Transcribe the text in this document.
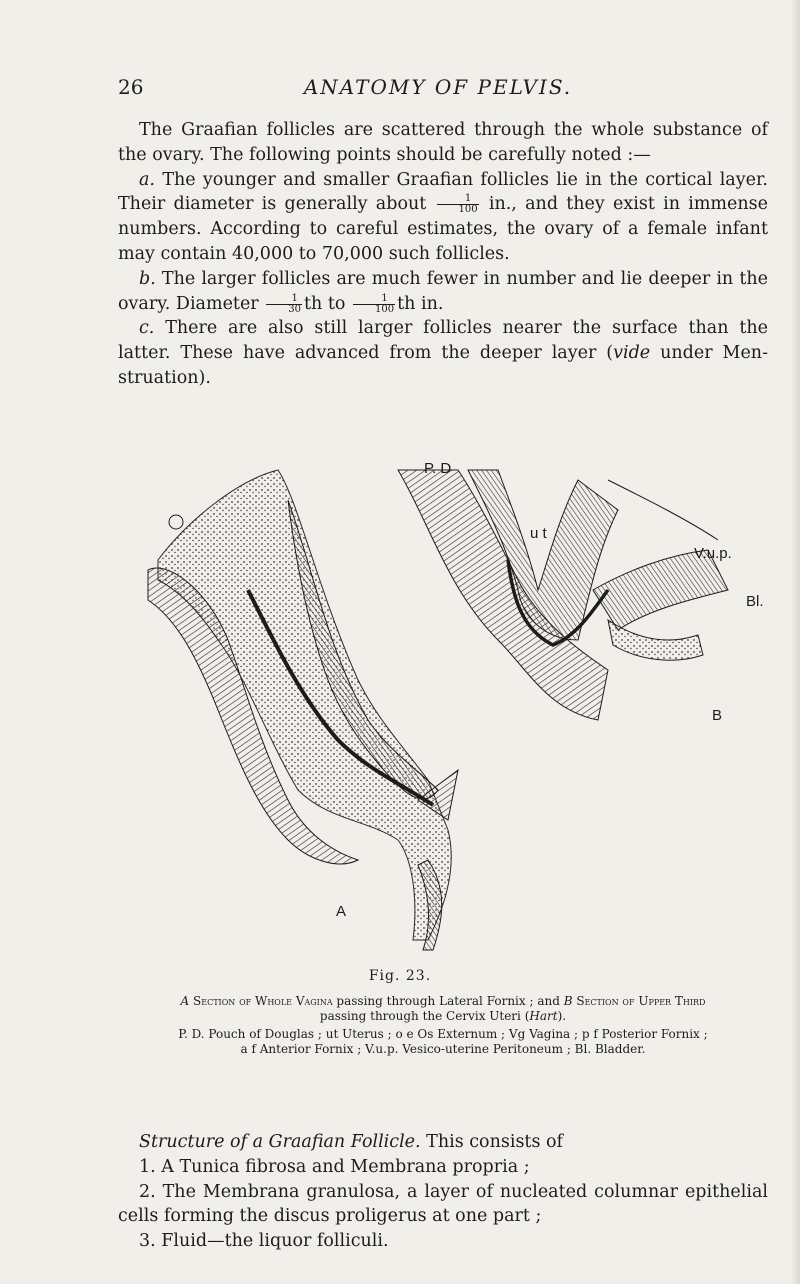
26	ANATOMY OF PELVIS.

The Graafian follicles are scattered through the whole substance of the ovary. The following points should be carefully noted :—

a. The younger and smaller Graafian follicles lie in the cortical layer. Their diameter is generally about $\frac{1}{100}$ in., and they exist in immense numbers. According to careful estimates, the ovary of a female infant may contain 40,000 to 70,000 such follicles.

b. The larger follicles are much fewer in number and lie deeper in the ovary. Diameter $\frac{1}{30}$ th to $\frac{1}{100}$ th in.

c. There are also still larger follicles nearer the surface than the latter. These have advanced from the deeper layer (vide under Men-struation).

P. D
u t
V.u.p.
Bl.
B
A
Fig. 23.
A Section of Whole Vagina passing through Lateral Fornix ; and B Section of Upper Third
passing through the Cervix Uteri (Hart).
P. D. Pouch of Douglas ; ut Uterus ; o e Os Externum ; Vg Vagina ; p f Posterior Fornix ;
a f Anterior Fornix ; V.u.p. Vesico-uterine Peritoneum ; Bl. Bladder.

Structure of a Graafian Follicle. This consists of

1. A Tunica fibrosa and Membrana propria ;

2. The Membrana granulosa, a layer of nucleated columnar epithelial cells forming the discus proligerus at one part ;

3. Fluid—the liquor folliculi.
